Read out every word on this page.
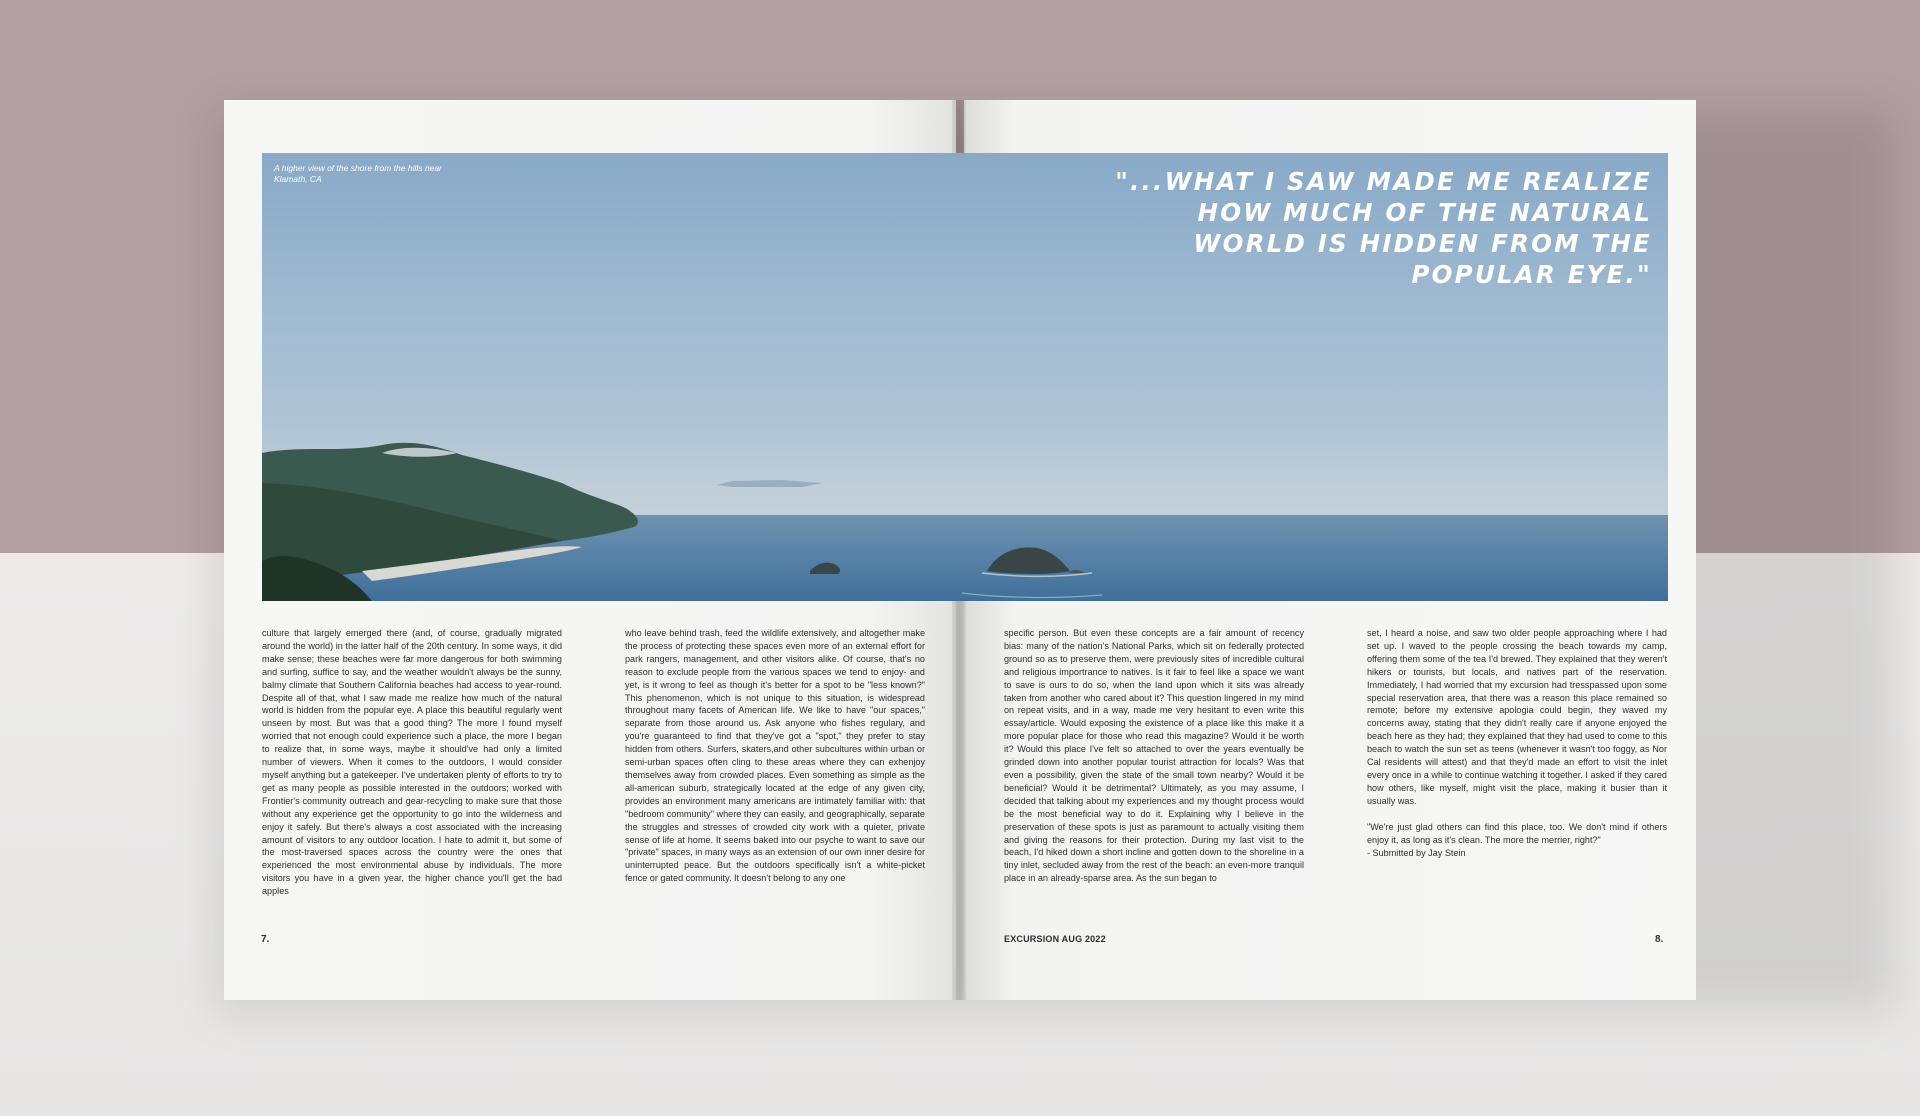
A higher view of the shore from the hills near Klamath, CA	"...WHAT I SAW MADE ME REALIZE HOW MUCH OF THE NATURAL WORLD IS HIDDEN FROM THE POPULAR EYE."

culture that largely emerged there (and, of course, gradually migrated around the world) in the latter half of the 20th century. In some ways, it did make sense; these beaches were far more dangerous for both swimming and surfing, suffice to say, and the weather wouldn't always be the sunny, balmy climate that Southern California beaches had access to year-round. Despite all of that, what I saw made me realize how much of the natural world is hidden from the popular eye. A place this beautiful regularly went unseen by most. But was that a good thing? The more I found myself worried that not enough could experience such a place, the more I began to realize that, in some ways, maybe it should've had only a limited number of viewers. When it comes to the outdoors, I would consider myself anything but a gatekeeper. I've undertaken plenty of efforts to try to get as many people as possible interested in the outdoors; worked with Frontier's community outreach and gear-recycling to make sure that those without any experience get the opportunity to go into the wilderness and enjoy it safely. But there's always a cost associated with the increasing amount of visitors to any outdoor location. I hate to admit it, but some of the most-traversed spaces across the country were the ones that experienced the most environmental abuse by individuals. The more visitors you have in a given year, the higher chance you'll get the bad apples

who leave behind trash, feed the wildlife extensively, and altogether make the process of protecting these spaces even more of an external effort for park rangers, management, and other visitors alike. Of course, that's no reason to exclude people from the various spaces we tend to enjoy- and yet, is it wrong to feel as though it's better for a spot to be "less known?" This phenomenon, which is not unique to this situation, is widespread throughout many facets of American life. We like to have "our spaces," separate from those around us. Ask anyone who fishes regulary, and you're guaranteed to find that they've got a "spot," they prefer to stay hidden from others. Surfers, skaters,and other subcultures within urban or semi-urban spaces often cling to these areas where they can exhenjoy themselves away from crowded places. Even something as simple as the all-american suburb, strategically located at the edge of any given city, provides an environment many americans are intimately familiar with: that "bedroom community" where they can easily, and geographically, separate the struggles and stresses of crowded city work with a quieter, private sense of life at home. It seems baked into our psyche to want to save our "private" spaces, in many ways as an extension of our own inner desire for uninterrupted peace. But the outdoors specifically isn't a white-picket fence or gated community. It doesn't belong to any one

specific person. But even these concepts are a fair amount of recency bias: many of the nation's National Parks, which sit on federally protected ground so as to preserve them, were previously sites of incredible cultural and religious importrance to natives. Is it fair to feel like a space we want to save is ours to do so, when the land upon which it sits was already taken from another who cared about it? This question lingered in my mind on repeat visits, and in a way, made me very hesitant to even write this essay/article. Would exposing the existence of a place like this make it a more popular place for those who read this magazine? Would it be worth it? Would this place I've felt so attached to over the years eventually be grinded down into another popular tourist attraction for locals? Was that even a possibility, given the state of the small town nearby? Would it be beneficial? Would it be detrimental? Ultimately, as you may assume, I decided that talking about my experiences and my thought process would be the most beneficial way to do it. Explaining why I believe in the preservation of these spots is just as paramount to actually visiting them and giving the reasons for their protection. During my last visit to the beach, I'd hiked down a short incline and gotten down to the shoreline in a tiny inlet, secluded away from the rest of the beach: an even-more tranquil place in an already-sparse area. As the sun began to

set, I heard a noise, and saw two older people approaching where I had set up. I waved to the people crossing the beach towards my camp, offering them some of the tea I'd brewed. They explained that they weren't hikers or tourists, but locals, and natives part of the reservation. Immediately, I had worried that my excursion had tresspassed upon some special reservation area, that there was a reason this place remained so remote; before my extensive apologia could begin, they waved my concerns away, stating that they didn't really care if anyone enjoyed the beach here as they had; they explained that they had used to come to this beach to watch the sun set as teens (whenever it wasn't too foggy, as Nor Cal residents will attest) and that they'd made an effort to visit the inlet every once in a while to continue watching it together. I asked if they cared how others, like myself, might visit the place, making it busier than it usually was.

"We're just glad others can find this place, too. We don't mind if others enjoy it, as long as it's clean. The more the merrier, right?"

- Submitted by Jay Stein

7.	EXCURSION AUG 2022	8.
